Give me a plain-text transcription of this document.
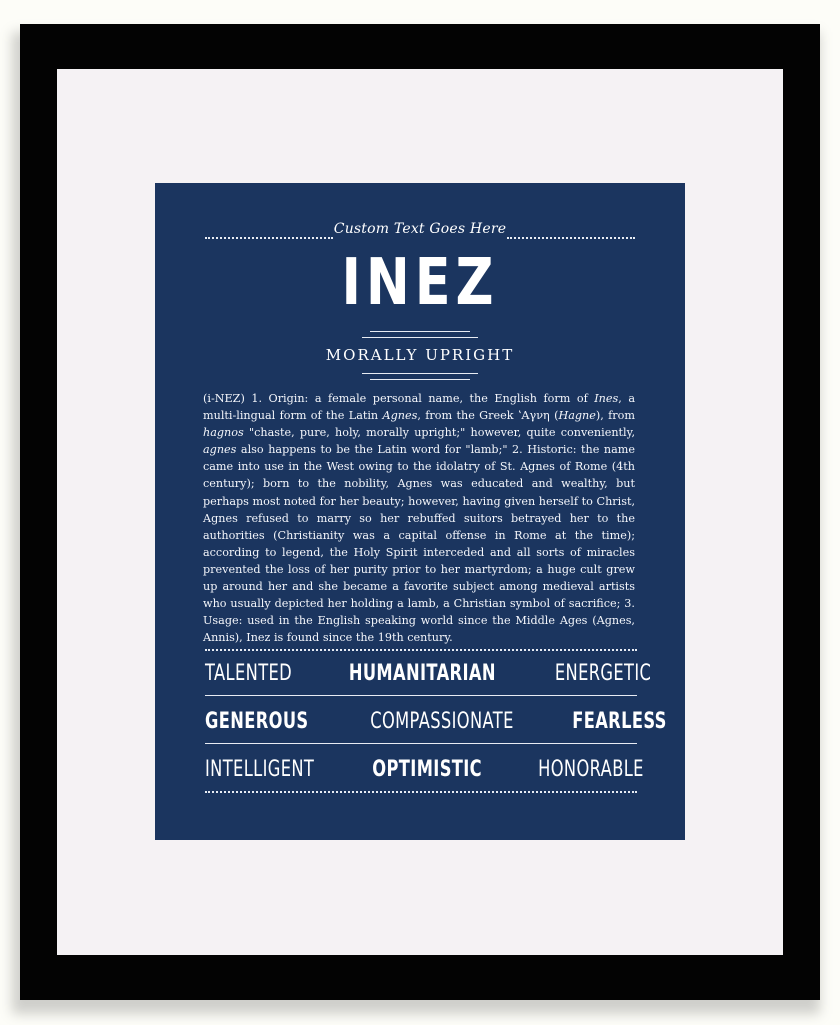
Custom Text Goes Here
INEZ
MORALLY UPRIGHT
(i-NEZ) 1. Origin: a female personal name, the English form of Ines, a multi-lingual form of the Latin Agnes, from the Greek ʽΑγνη (Hagne), from hagnos "chaste, pure, holy, morally upright;" however, quite conveniently, agnes also happens to be the Latin word for "lamb;" 2. Historic: the name came into use in the West owing to the idolatry of St. Agnes of Rome (4th century); born to the nobility, Agnes was educated and wealthy, but perhaps most noted for her beauty; however, having given herself to Christ, Agnes refused to marry so her rebuffed suitors betrayed her to the authorities (Christianity was a capital offense in Rome at the time); according to legend, the Holy Spirit interceded and all sorts of miracles prevented the loss of her purity prior to her martyrdom; a huge cult grew up around her and she became a favorite subject among medieval artists who usually depicted her holding a lamb, a Christian symbol of sacrifice; 3. Usage: used in the English speaking world since the Middle Ages (Agnes, Annis), Inez is found since the 19th century.
TALENTED	HUMANITARIAN	ENERGETIC
GENEROUS	COMPASSIONATE	FEARLESS
INTELLIGENT	OPTIMISTIC	HONORABLE
